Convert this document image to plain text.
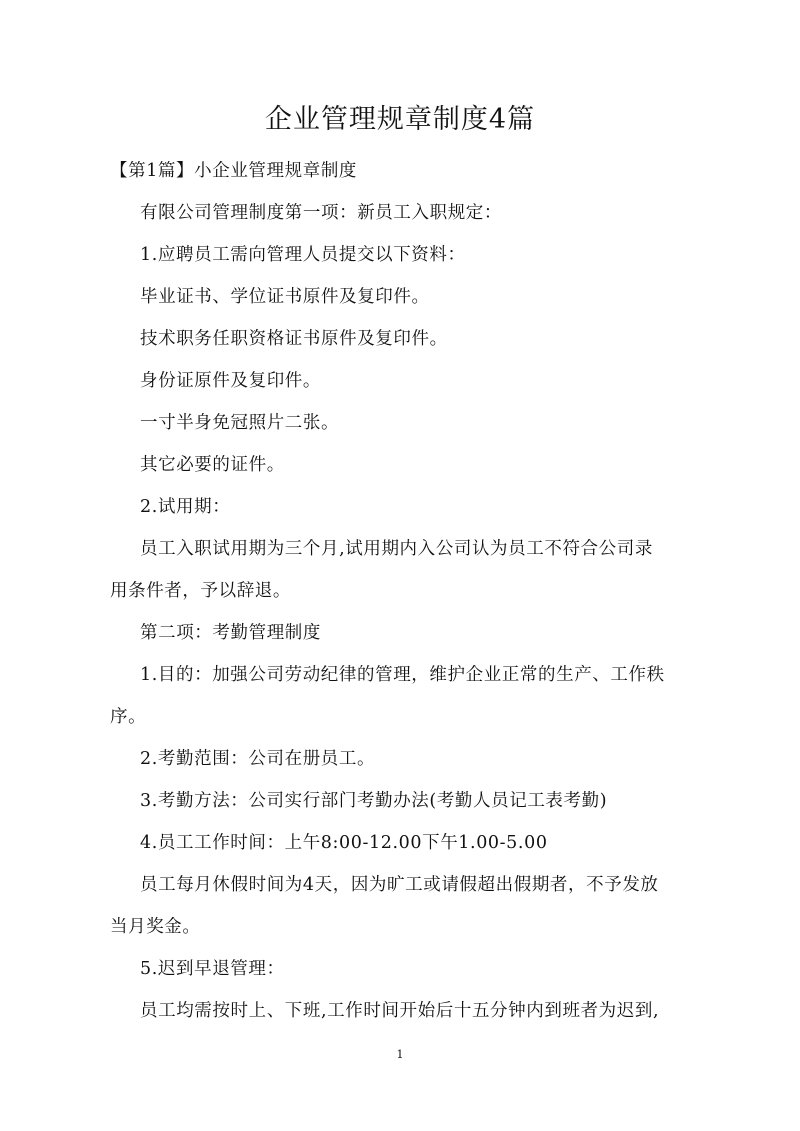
企业管理规章制度4篇

【第1篇】小企业管理规章制度

有限公司管理制度第一项：新员工入职规定：

1.应聘员工需向管理人员提交以下资料：

毕业证书、学位证书原件及复印件。

技术职务任职资格证书原件及复印件。

身份证原件及复印件。

一寸半身免冠照片二张。

其它必要的证件。

2.试用期：

员工入职试用期为三个月,试用期内入公司认为员工不符合公司录
用条件者，予以辞退。

第二项：考勤管理制度

1.目的：加强公司劳动纪律的管理，维护企业正常的生产、工作秩
序。

2.考勤范围：公司在册员工。

3.考勤方法：公司实行部门考勤办法(考勤人员记工表考勤)

4.员工工作时间：上午8:00-12.00下午1.00-5.00

员工每月休假时间为4天，因为旷工或请假超出假期者，不予发放
当月奖金。

5.迟到早退管理：

员工均需按时上、下班,工作时间开始后十五分钟内到班者为迟到,

1
